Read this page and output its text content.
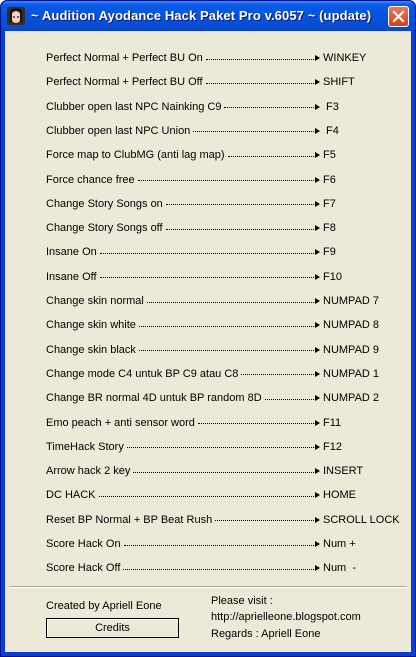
~ Audition Ayodance Hack Paket Pro v.6057 ~ (update)
Perfect Normal + Perfect BU On	WINKEY
Perfect Normal + Perfect BU Off	SHIFT
Clubber open last NPC Nainking C9	F3
Clubber open last NPC Union	F4
Force map to ClubMG (anti lag map)	F5
Force chance free	F6
Change Story Songs on	F7
Change Story Songs off	F8
Insane On	F9
Insane Off	F10
Change skin normal	NUMPAD 7
Change skin white	NUMPAD 8
Change skin black	NUMPAD 9
Change mode C4 untuk BP C9 atau C8	NUMPAD 1
Change BR normal 4D untuk BP random 8D	NUMPAD 2
Emo peach + anti sensor word	F11
TimeHack Story	F12
Arrow hack 2 key	INSERT
DC HACK	HOME
Reset BP Normal + BP Beat Rush	SCROLL LOCK
Score Hack On	Num +
Score Hack Off	Num  -
Created by Apriell Eone
Credits
Please visit :
http://aprielleone.blogspot.com
Regards : Apriell Eone
